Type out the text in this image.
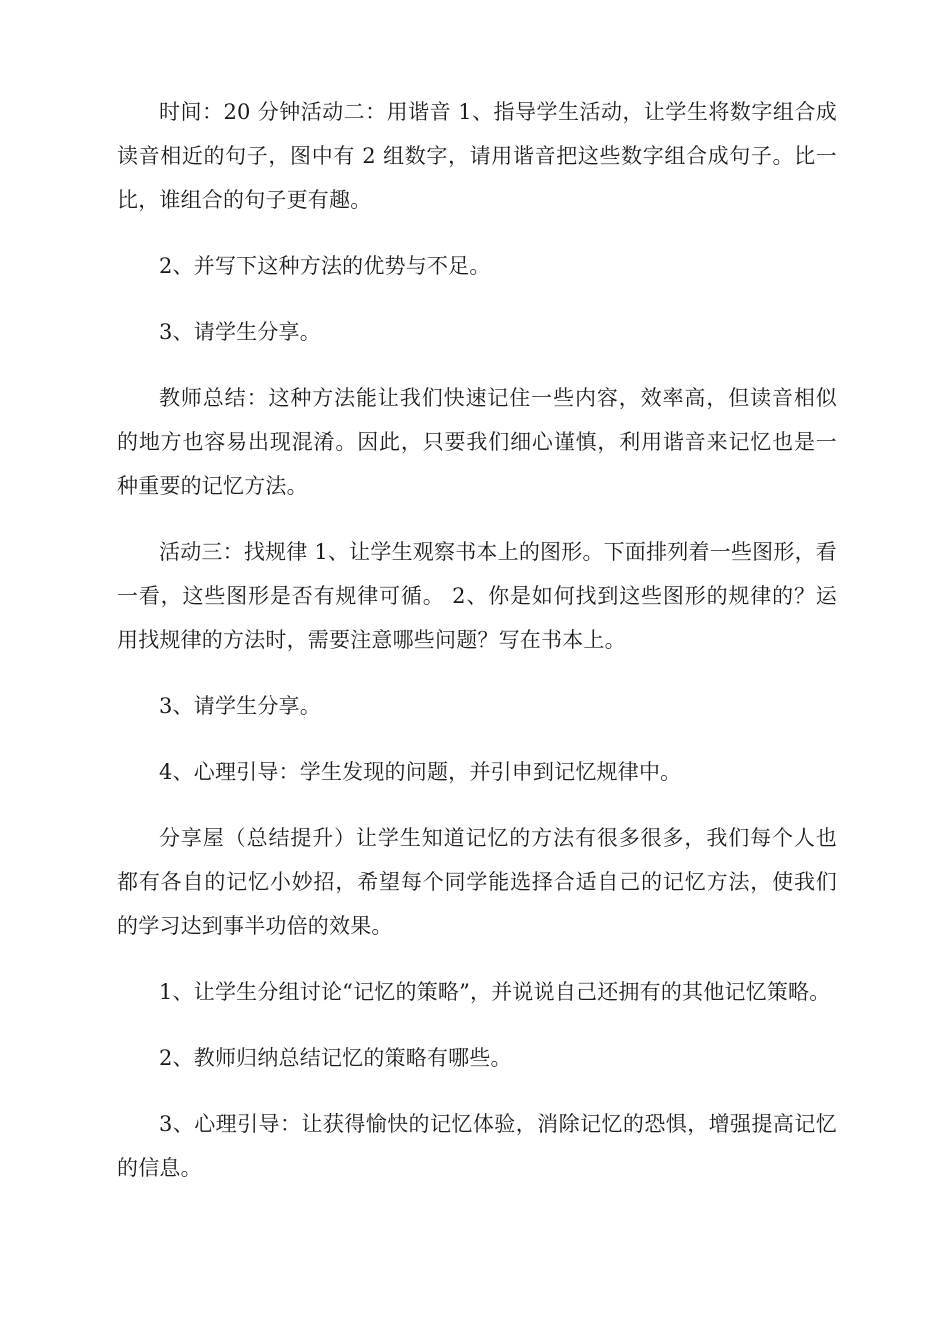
时间：20 分钟活动二：用谐音 1、指导学生活动，让学生将数字组合成读音相近的句子，图中有 2 组数字，请用谐音把这些数字组合成句子。比一比，谁组合的句子更有趣。

2、并写下这种方法的优势与不足。

3、请学生分享。

教师总结：这种方法能让我们快速记住一些内容，效率高，但读音相似的地方也容易出现混淆。因此，只要我们细心谨慎，利用谐音来记忆也是一种重要的记忆方法。

活动三：找规律 1、让学生观察书本上的图形。下面排列着一些图形，看一看，这些图形是否有规律可循。 2、你是如何找到这些图形的规律的？运用找规律的方法时，需要注意哪些问题？写在书本上。

3、请学生分享。

4、心理引导：学生发现的问题，并引申到记忆规律中。

分享屋（总结提升）让学生知道记忆的方法有很多很多，我们每个人也都有各自的记忆小妙招，希望每个同学能选择合适自己的记忆方法，使我们的学习达到事半功倍的效果。

1、让学生分组讨论“记忆的策略”，并说说自己还拥有的其他记忆策略。

2、教师归纳总结记忆的策略有哪些。

3、心理引导：让获得愉快的记忆体验，消除记忆的恐惧，增强提高记忆的信息。
